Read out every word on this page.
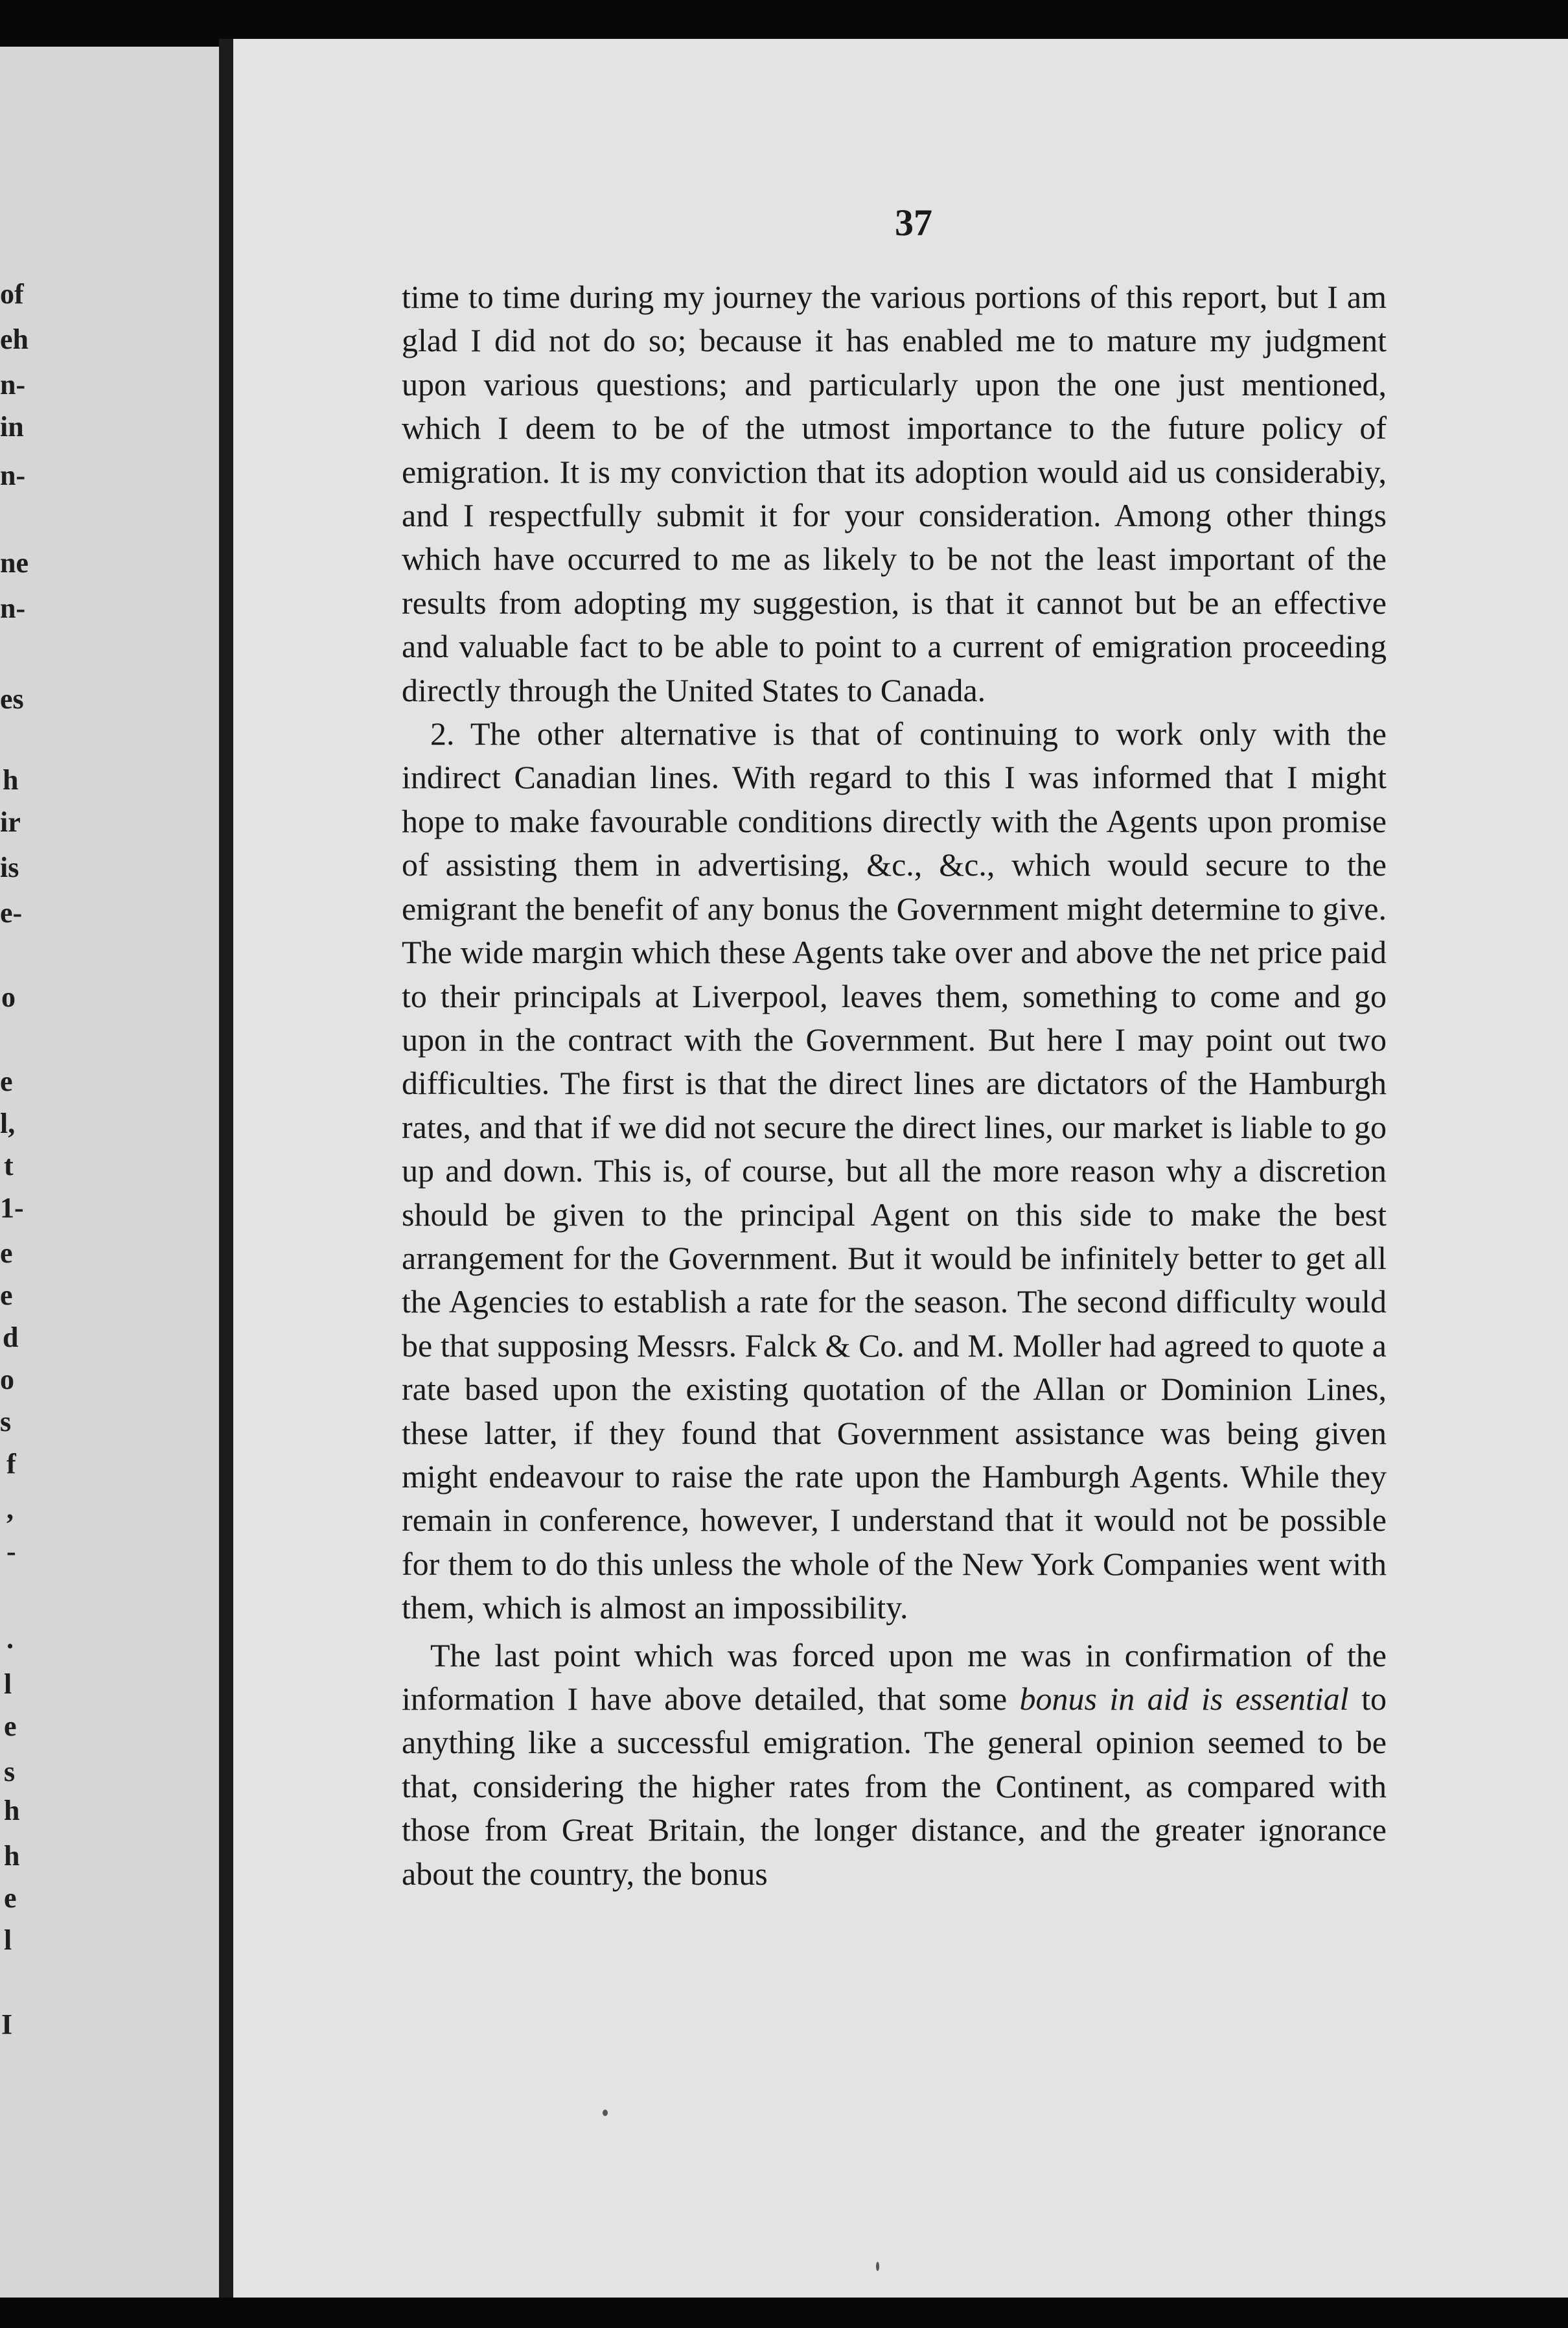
of
eh
n-
in
n-
ne
n-
es
h
ir
is
e-
o
e
l,
t
1-
e
e
d
o
s
f
,
-
.
l
e
s
h
h
e
l
I
37

time to time during my journey the various portions of this report, but I am glad I did not do so; because it has enabled me to mature my judgment upon various questions; and particularly upon the one just mentioned, which I deem to be of the utmost importance to the future policy of emigration. It is my conviction that its adoption would aid us considerabiy, and I respectfully submit it for your consideration. Among other things which have occurred to me as likely to be not the least important of the results from adopting my suggestion, is that it cannot but be an effective and valuable fact to be able to point to a current of emigration proceeding directly through the United States to Canada.

2. The other alternative is that of continuing to work only with the indirect Canadian lines. With regard to this I was informed that I might hope to make favourable conditions directly with the Agents upon promise of assisting them in advertising, &c., &c., which would secure to the emigrant the benefit of any bonus the Government might determine to give. The wide margin which these Agents take over and above the net price paid to their principals at Liverpool, leaves them, something to come and go upon in the contract with the Government. But here I may point out two difficulties. The first is that the direct lines are dictators of the Hamburgh rates, and that if we did not secure the direct lines, our market is liable to go up and down. This is, of course, but all the more reason why a discretion should be given to the principal Agent on this side to make the best arrangement for the Government. But it would be infinitely better to get all the Agencies to establish a rate for the season. The second difficulty would be that supposing Messrs. Falck & Co. and M. Moller had agreed to quote a rate based upon the existing quotation of the Allan or Dominion Lines, these latter, if they found that Government assistance was being given might endeavour to raise the rate upon the Hamburgh Agents. While they remain in conference, however, I understand that it would not be possible for them to do this unless the whole of the New York Companies went with them, which is almost an impossibility.

The last point which was forced upon me was in confirmation of the information I have above detailed, that some bonus in aid is essential to anything like a successful emigration. The general opinion seemed to be that, considering the higher rates from the Continent, as compared with those from Great Britain, the longer distance, and the greater ignorance about the country, the bonus
